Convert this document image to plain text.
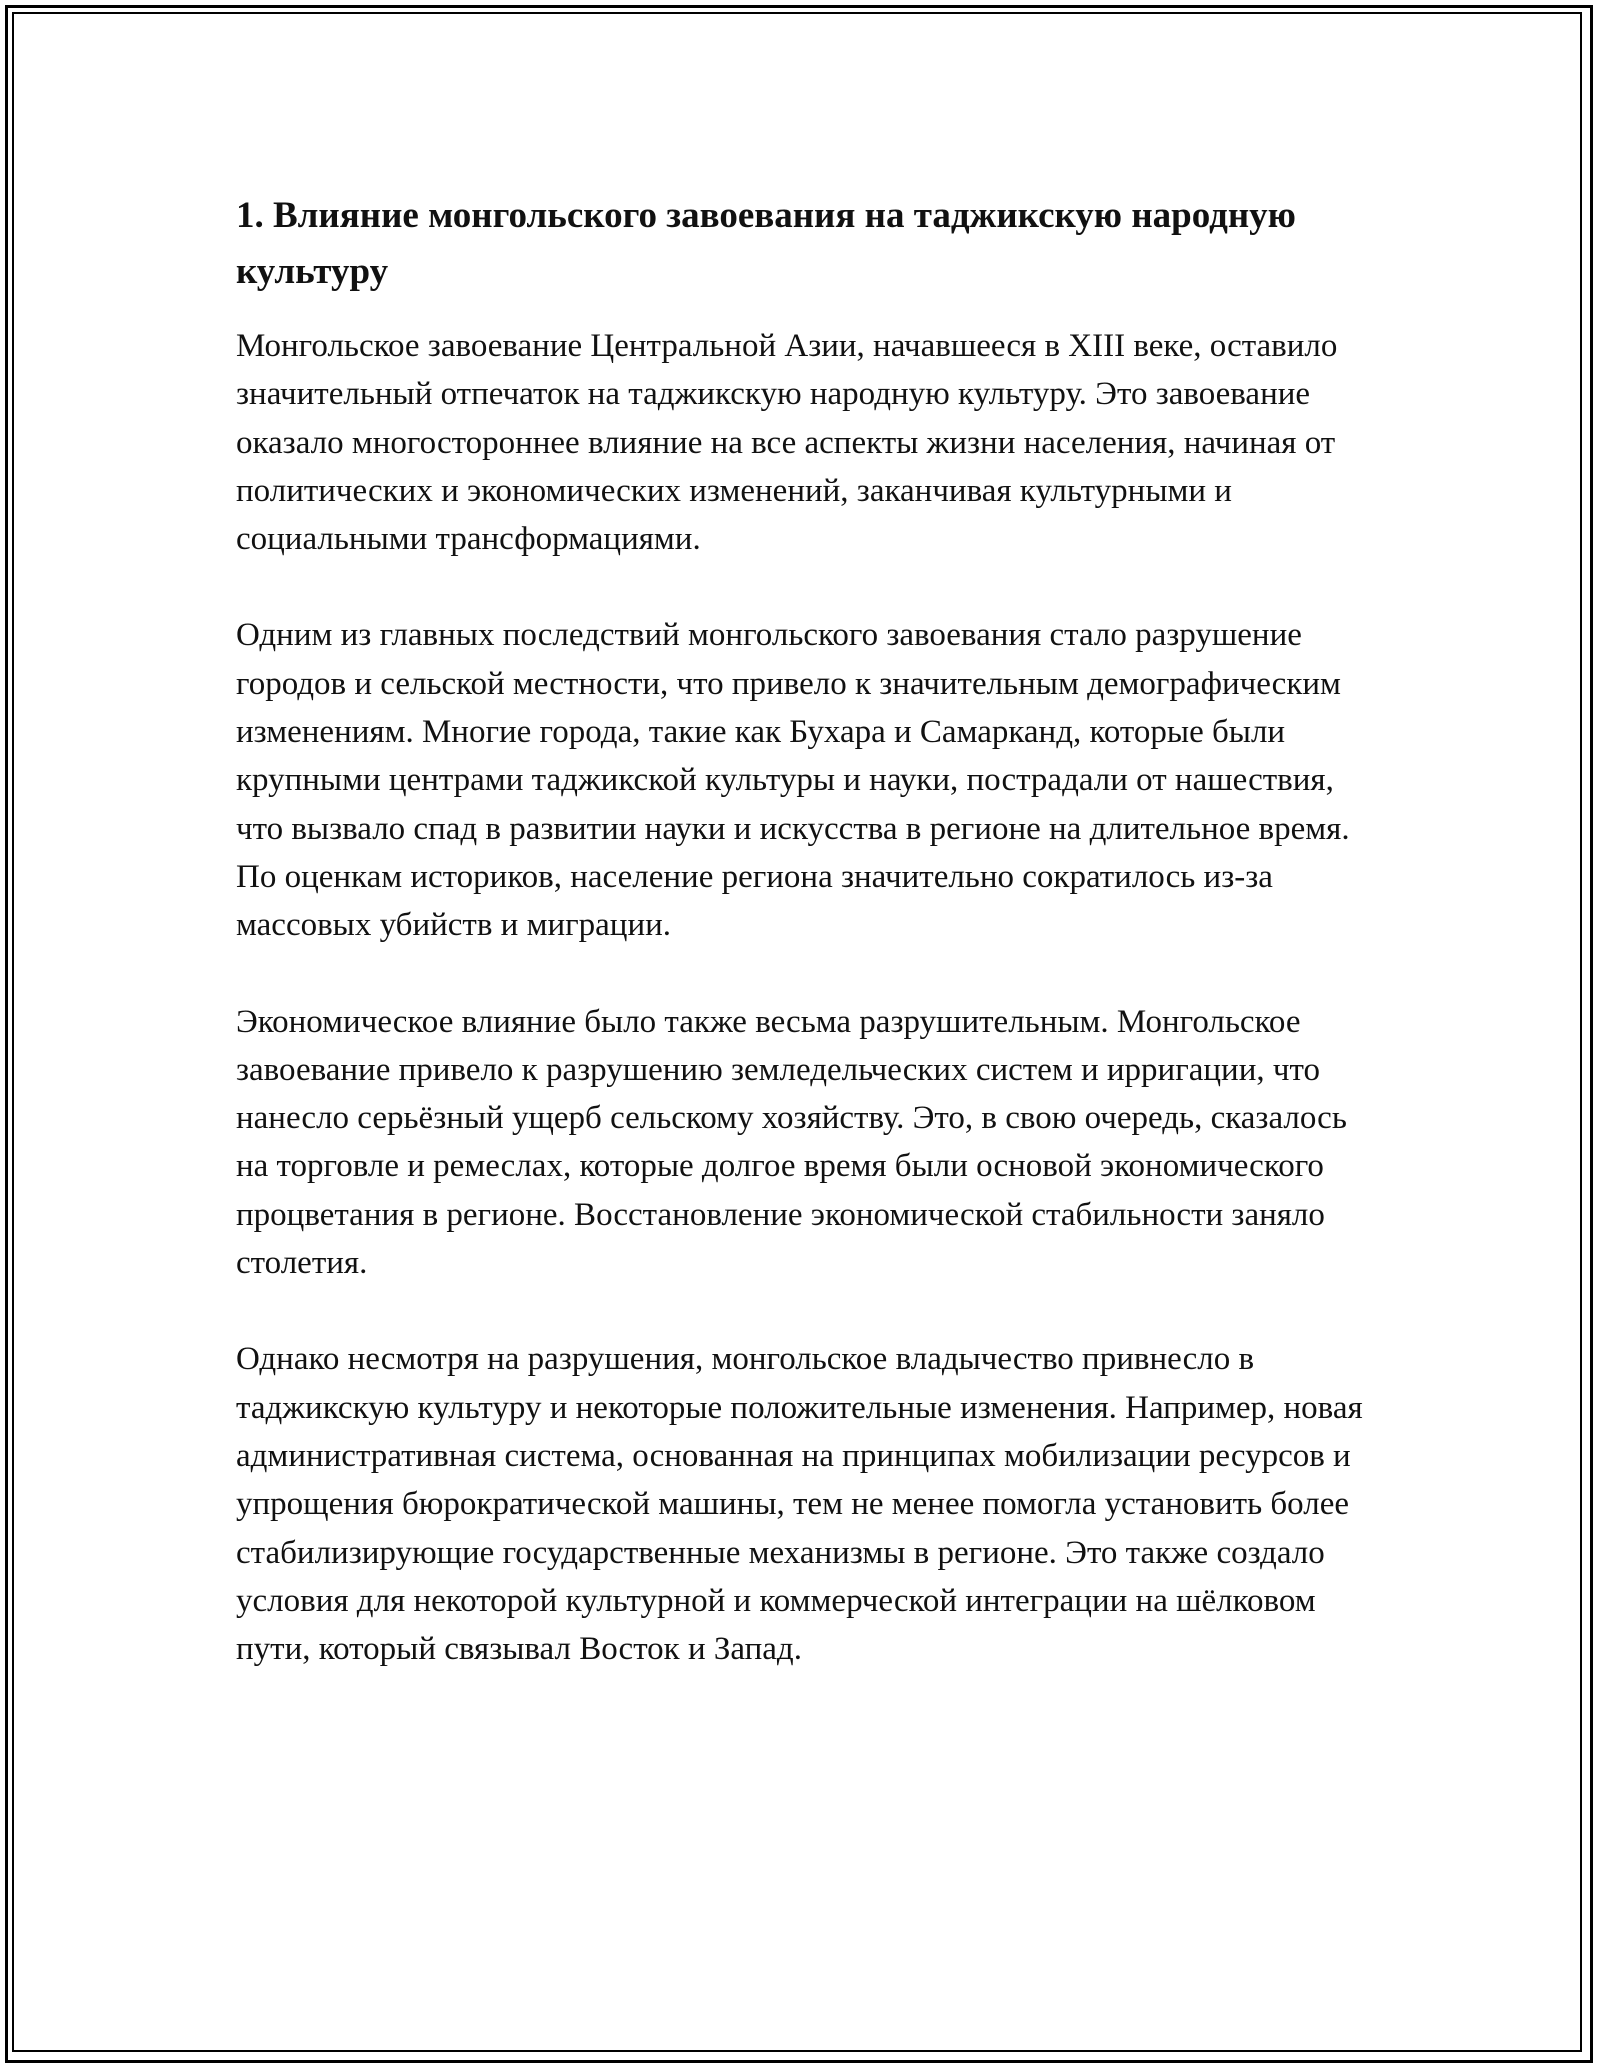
1. Влияние монгольского завоевания на таджикскую народную культуру

Монгольское завоевание Центральной Азии, начавшееся в XIII веке, оставило значительный отпечаток на таджикскую народную культуру. Это завоевание оказало многостороннее влияние на все аспекты жизни населения, начиная от политических и экономических изменений, заканчивая культурными и социальными трансформациями.

Одним из главных последствий монгольского завоевания стало разрушение городов и сельской местности, что привело к значительным демографическим изменениям. Многие города, такие как Бухара и Самарканд, которые были крупными центрами таджикской культуры и науки, пострадали от нашествия, что вызвало спад в развитии науки и искусства в регионе на длительное время. По оценкам историков, население региона значительно сократилось из-за массовых убийств и миграции.

Экономическое влияние было также весьма разрушительным. Монгольское завоевание привело к разрушению земледельческих систем и ирригации, что нанесло серьёзный ущерб сельскому хозяйству. Это, в свою очередь, сказалось на торговле и ремеслах, которые долгое время были основой экономического процветания в регионе. Восстановление экономической стабильности заняло столетия.

Однако несмотря на разрушения, монгольское владычество привнесло в таджикскую культуру и некоторые положительные изменения. Например, новая административная система, основанная на принципах мобилизации ресурсов и упрощения бюрократической машины, тем не менее помогла установить более стабилизирующие государственные механизмы в регионе. Это также создало условия для некоторой культурной и коммерческой интеграции на шёлковом пути, который связывал Восток и Запад.
